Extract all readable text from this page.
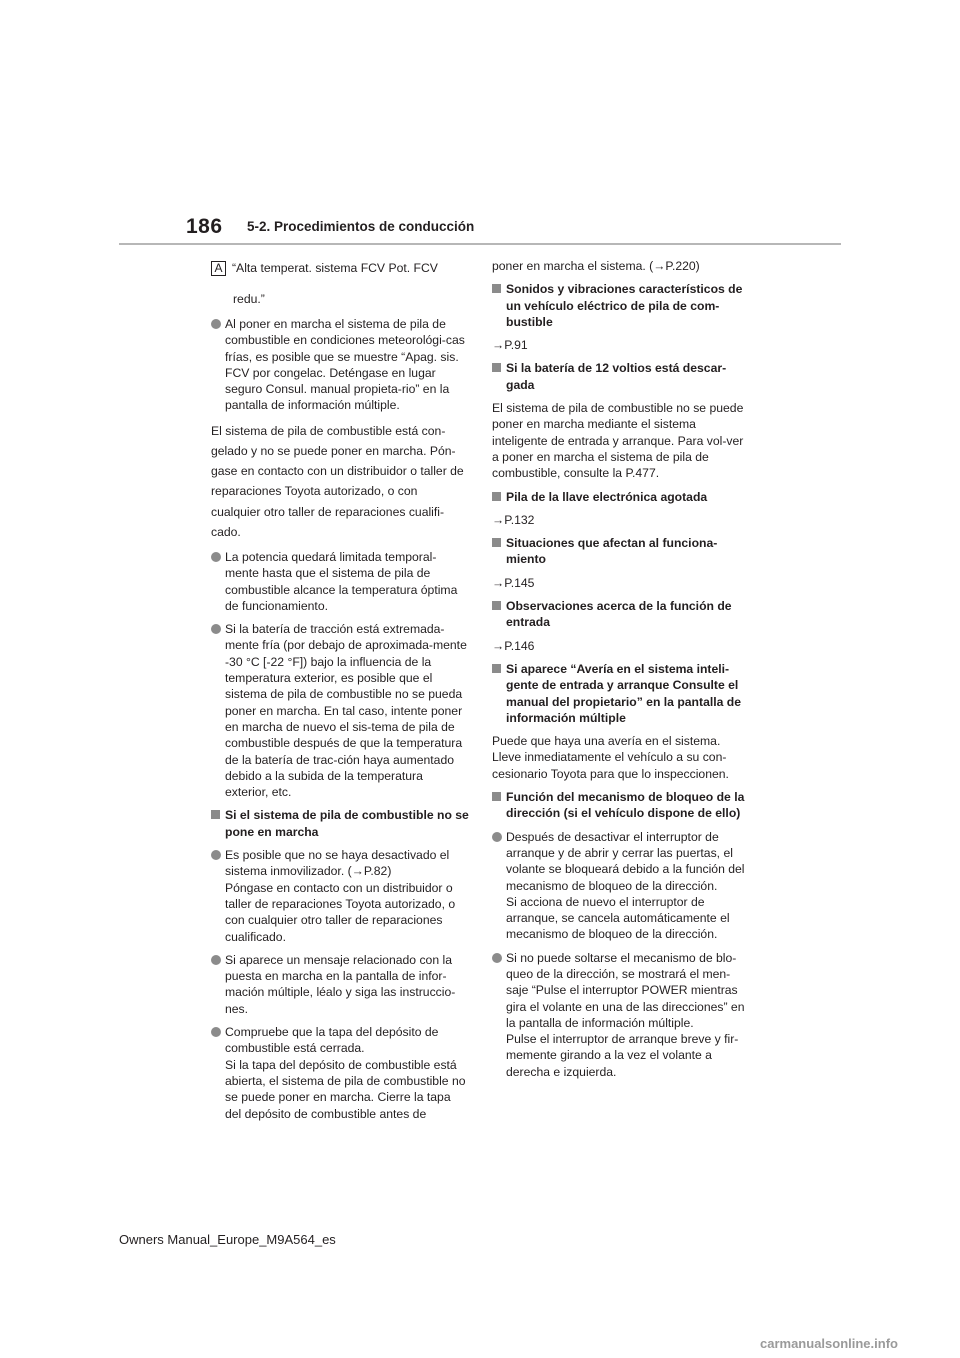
186 5-2. Procedimientos de conducción
A “Alta temperat. sistema FCV Pot. FCV
redu.”
Al poner en marcha el sistema de pila de combustible en condiciones meteorológi-cas frías, es posible que se muestre “Apag. sis. FCV por congelac. Deténgase en lugar seguro Consul. manual propieta-rio” en la pantalla de información múltiple.
El sistema de pila de combustible está con-gelado y no se puede poner en marcha. Pón-gase en contacto con un distribuidor o taller de reparaciones Toyota autorizado, o con cualquier otro taller de reparaciones cualifi-cado.
La potencia quedará limitada temporal-mente hasta que el sistema de pila de combustible alcance la temperatura óptima de funcionamiento.
Si la batería de tracción está extremada-mente fría (por debajo de aproximada-mente -30 °C [-22 °F]) bajo la influencia de la temperatura exterior, es posible que el sistema de pila de combustible no se pueda poner en marcha. En tal caso, intente poner en marcha de nuevo el sis-tema de pila de combustible después de que la temperatura de la batería de trac-ción haya aumentado debido a la subida de la temperatura exterior, etc.
Si el sistema de pila de combustible no se pone en marcha
Es posible que no se haya desactivado el sistema inmovilizador. (→P.82)
Póngase en contacto con un distribuidor o taller de reparaciones Toyota autorizado, o con cualquier otro taller de reparaciones cualificado.
Si aparece un mensaje relacionado con la puesta en marcha en la pantalla de infor-mación múltiple, léalo y siga las instruccio-nes.
Compruebe que la tapa del depósito de combustible está cerrada.
Si la tapa del depósito de combustible está abierta, el sistema de pila de combustible no se puede poner en marcha. Cierre la tapa del depósito de combustible antes de
poner en marcha el sistema. (→P.220)
Sonidos y vibraciones característicos de un vehículo eléctrico de pila de com-bustible
→P.91
Si la batería de 12 voltios está descar-gada
El sistema de pila de combustible no se puede poner en marcha mediante el sistema inteligente de entrada y arranque. Para vol-ver a poner en marcha el sistema de pila de combustible, consulte la P.477.
Pila de la llave electrónica agotada
→P.132
Situaciones que afectan al funciona-miento
→P.145
Observaciones acerca de la función de entrada
→P.146
Si aparece “Avería en el sistema inteli-gente de entrada y arranque Consulte el manual del propietario” en la pantalla de información múltiple
Puede que haya una avería en el sistema. Lleve inmediatamente el vehículo a su con-cesionario Toyota para que lo inspeccionen.
Función del mecanismo de bloqueo de la dirección (si el vehículo dispone de ello)
Después de desactivar el interruptor de arranque y de abrir y cerrar las puertas, el volante se bloqueará debido a la función del mecanismo de bloqueo de la dirección.
Si acciona de nuevo el interruptor de arranque, se cancela automáticamente el mecanismo de bloqueo de la dirección.
Si no puede soltarse el mecanismo de blo-queo de la dirección, se mostrará el men-saje “Pulse el interruptor POWER mientras gira el volante en una de las direcciones” en la pantalla de información múltiple.
Pulse el interruptor de arranque breve y fir-memente girando a la vez el volante a derecha e izquierda.
Owners Manual_Europe_M9A564_es
carmanualsonline.info
